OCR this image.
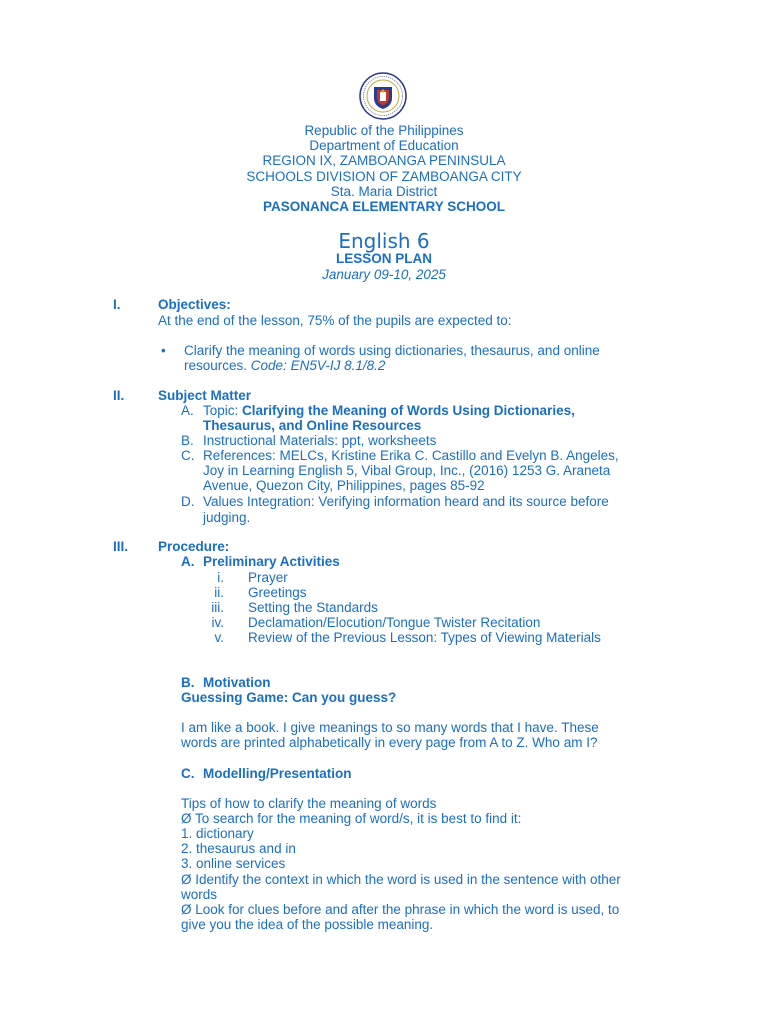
Republic of the Philippines
Department of Education
REGION IX, ZAMBOANGA PENINSULA
SCHOOLS DIVISION OF ZAMBOANGA CITY
Sta. Maria District
PASONANCA ELEMENTARY SCHOOL
English 6
LESSON PLAN
January 09-10, 2025
I.	Objectives:
At the end of the lesson, 75% of the pupils are expected to:
• Clarify the meaning of words using dictionaries, thesaurus, and online
resources. Code: EN5V-IJ 8.1/8.2
II. Subject Matter
A. Topic: Clarifying the Meaning of Words Using Dictionaries,
Thesaurus, and Online Resources
B. Instructional Materials: ppt, worksheets
C. References: MELCs, Kristine Erika C. Castillo and Evelyn B. Angeles,
Joy in Learning English 5, Vibal Group, Inc., (2016) 1253 G. Araneta
Avenue, Quezon City, Philippines, pages 85-92
D. Values Integration: Verifying information heard and its source before
judging.
III. Procedure:
A. Preliminary Activities
i. Prayer
ii. Greetings
iii. Setting the Standards
iv. Declamation/Elocution/Tongue Twister Recitation
v. Review of the Previous Lesson: Types of Viewing Materials
B. Motivation
Guessing Game: Can you guess?
I am like a book. I give meanings to so many words that I have. These
words are printed alphabetically in every page from A to Z. Who am I?
C. Modelling/Presentation
Tips of how to clarify the meaning of words
Ø To search for the meaning of word/s, it is best to find it:
1. dictionary
2. thesaurus and in
3. online services
Ø Identify the context in which the word is used in the sentence with other
words
Ø Look for clues before and after the phrase in which the word is used, to
give you the idea of the possible meaning.
